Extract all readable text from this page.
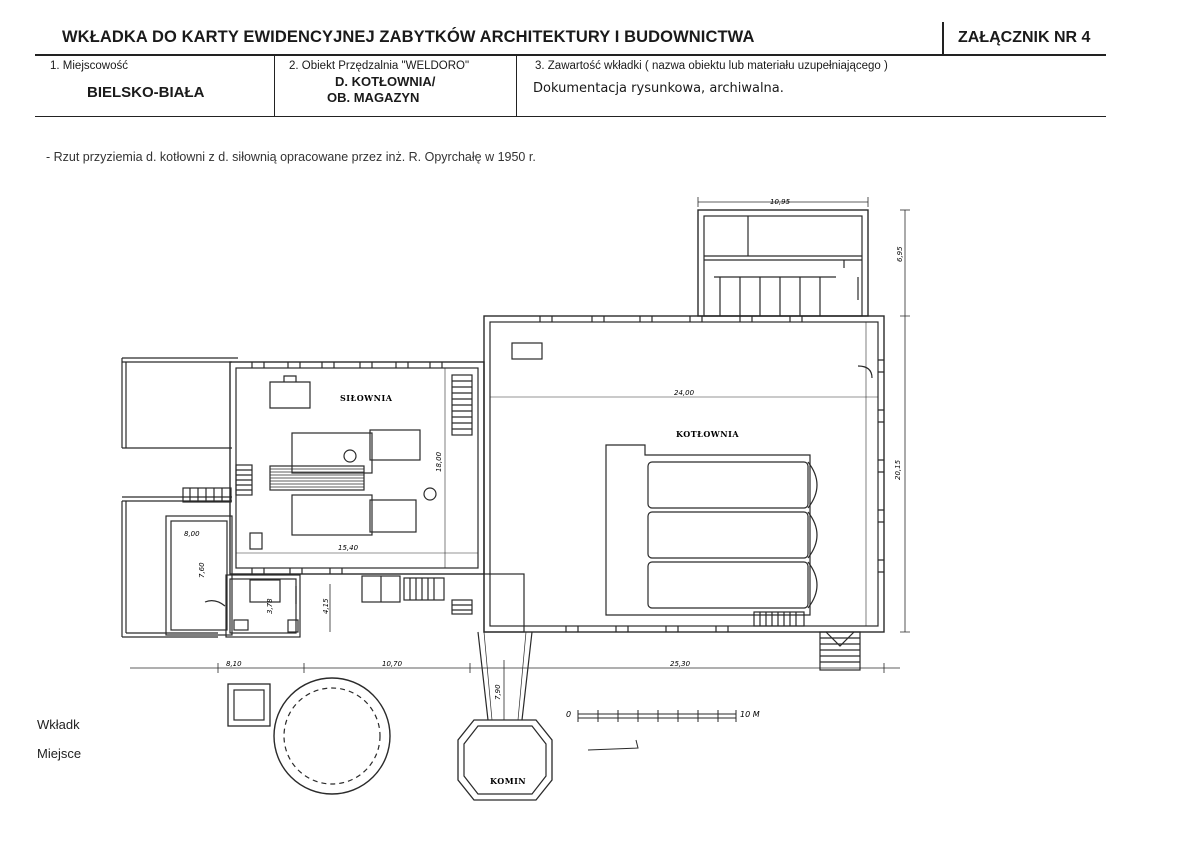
WKŁADKA DO KARTY EWIDENCYJNEJ ZABYTKÓW ARCHITEKTURY I BUDOWNICTWA	ZAŁĄCZNIK NR 4
1. Miejscowość
BIELSKO-BIAŁA
2. Obiekt Przędzalnia "WELDORO"
D. KOTŁOWNIA/
OB. MAGAZYN
3. Zawartość wkładki ( nazwa obiektu lub materiału uzupełniającego )
Dokumentacja rysunkowa, archiwalna.
- Rzut przyziemia d. kotłowni z d. siłownią opracowane przez inż. R. Opyrchałę w 1950 r.
Wkładk
Miejsce
SIŁOWNIA
KOTŁOWNIA
KOMIN
10,95
6,95
24,00
20,15
18,00
15,40
8,00
7,60
3,78	4,15
8,10	10,70	25,30
7,90
0	10 M
